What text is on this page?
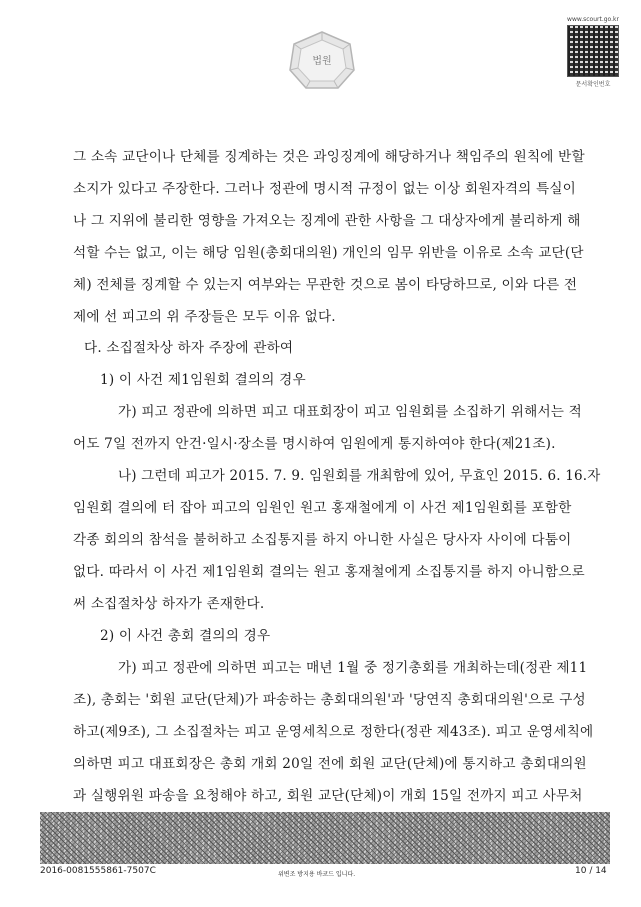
법원
www.scourt.go.kr
문서확인번호
그 소속 교단이나 단체를 징계하는 것은 과잉징계에 해당하거나 책임주의 원칙에 반할
소지가 있다고 주장한다. 그러나 정관에 명시적 규정이 없는 이상 회원자격의 특실이
나 그 지위에 불리한 영향을 가져오는 징계에 관한 사항을 그 대상자에게 불리하게 해
석할 수는 없고, 이는 해당 임원(총회대의원) 개인의 임무 위반을 이유로 소속 교단(단
체) 전체를 징계할 수 있는지 여부와는 무관한 것으로 봄이 타당하므로, 이와 다른 전
제에 선 피고의 위 주장들은 모두 이유 없다.
다. 소집절차상 하자 주장에 관하여
1) 이 사건 제1임원회 결의의 경우
가) 피고 정관에 의하면 피고 대표회장이 피고 임원회를 소집하기 위해서는 적
어도 7일 전까지 안건·일시·장소를 명시하여 임원에게 통지하여야 한다(제21조).
나) 그런데 피고가 2015. 7. 9. 임원회를 개최함에 있어, 무효인 2015. 6. 16.자
임원회 결의에 터 잡아 피고의 임원인 원고 홍재철에게 이 사건 제1임원회를 포함한
각종 회의의 참석을 불허하고 소집통지를 하지 아니한 사실은 당사자 사이에 다툼이
없다. 따라서 이 사건 제1임원회 결의는 원고 홍재철에게 소집통지를 하지 아니함으로
써 소집절차상 하자가 존재한다.
2) 이 사건 총회 결의의 경우
가) 피고 정관에 의하면 피고는 매년 1월 중 정기총회를 개최하는데(정관 제11
조), 총회는 '회원 교단(단체)가 파송하는 총회대의원'과 '당연직 총회대의원'으로 구성
하고(제9조), 그 소집절차는 피고 운영세칙으로 정한다(정관 제43조). 피고 운영세칙에
의하면 피고 대표회장은 총회 개회 20일 전에 회원 교단(단체)에 통지하고 총회대의원
과 실행위원 파송을 요청해야 하고, 회원 교단(단체)이 개회 15일 전까지 피고 사무처
2016-0081555861-7507C	위변조 방지용 바코드 입니다.	10 / 14
